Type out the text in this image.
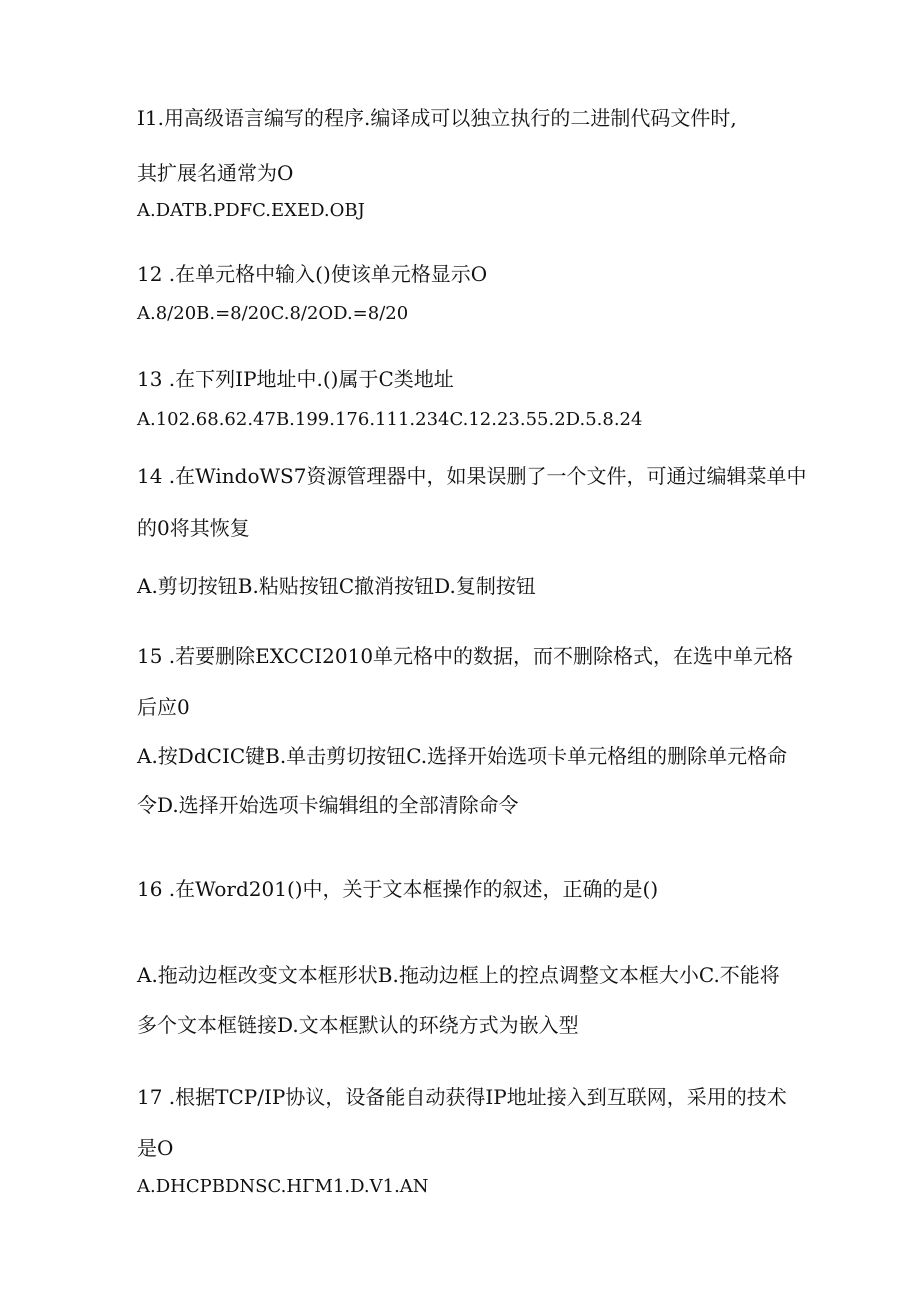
I1.用高级语言编写的程序.编译成可以独立执行的二进制代码文件时,
其扩展名通常为O
A.DATB.PDFC.EXED.OBJ
12 .在单元格中输入()使该单元格显示O
A.8/20B.=8∕20C.8∕2OD.=8∕20
13 .在下列IP地址中.()属于C类地址
A.102.68.62.47B.199.176.111.234C.12.23.55.2D.5.8.24
14 .在WindoWS7资源管理器中，如果误删了一个文件，可通过编辑菜单中
的0将其恢复
A.剪切按钮B.粘贴按钮C撤消按钮D.复制按钮
15 .若要删除EXCCI2010单元格中的数据，而不删除格式，在选中单元格
后应0
A.按DdCIC键B.单击剪切按钮C.选择开始选项卡单元格组的删除单元格命
令D.选择开始选项卡编辑组的全部清除命令
16 .在Word201()中，关于文本框操作的叙述，正确的是()
A.拖动边框改变文本框形状B.拖动边框上的控点调整文本框大小C.不能将
多个文本框链接D.文本框默认的环绕方式为嵌入型
17 .根据TCP/IP协议，设备能自动获得IP地址接入到互联网，采用的技术
是O
A.DHCPBDNSC.HΓM1.D.V1.AN
